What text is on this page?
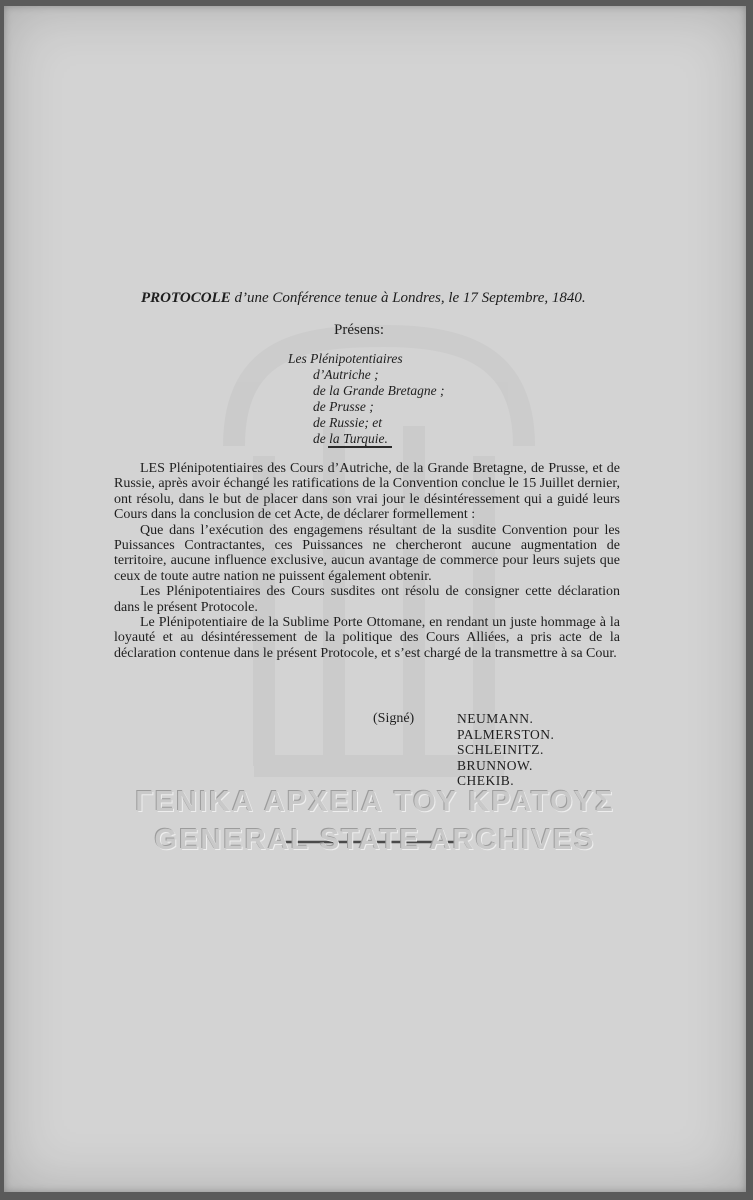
ΓΕΝΙΚΑ ΑΡΧΕΙΑ ΤΟΥ ΚΡΑΤΟΥΣ
GENERAL STATE ARCHIVES
PROTOCOLE d’une Conférence tenue à Londres, le 17 Septembre, 1840.
Présens:
Les Plénipotentiaires
d’Autriche ;
de la Grande Bretagne ;
de Prusse ;
de Russie; et
de la Turquie.

LES Plénipotentiaires des Cours d’Autriche, de la Grande Bretagne, de Prusse, et de Russie, après avoir échangé les ratifications de la Convention conclue le 15 Juillet dernier, ont résolu, dans le but de placer dans son vrai jour le désintéressement qui a guidé leurs Cours dans la conclusion de cet Acte, de déclarer formellement :

Que dans l’exécution des engagemens résultant de la susdite Convention pour les Puissances Contractantes, ces Puissances ne chercheront aucune augmentation de territoire, aucune influence exclusive, aucun avantage de commerce pour leurs sujets que ceux de toute autre nation ne puissent également obtenir.

Les Plénipotentiaires des Cours susdites ont résolu de consigner cette déclaration dans le présent Protocole.

Le Plénipotentiaire de la Sublime Porte Ottomane, en rendant un juste hommage à la loyauté et au désintéressement de la politique des Cours Alliées, a pris acte de la déclaration contenue dans le présent Protocole, et s’est chargé de la transmettre à sa Cour.

(Signé)	NEUMANN.
PALMERSTON.
SCHLEINITZ.
BRUNNOW.
CHEKIB.
